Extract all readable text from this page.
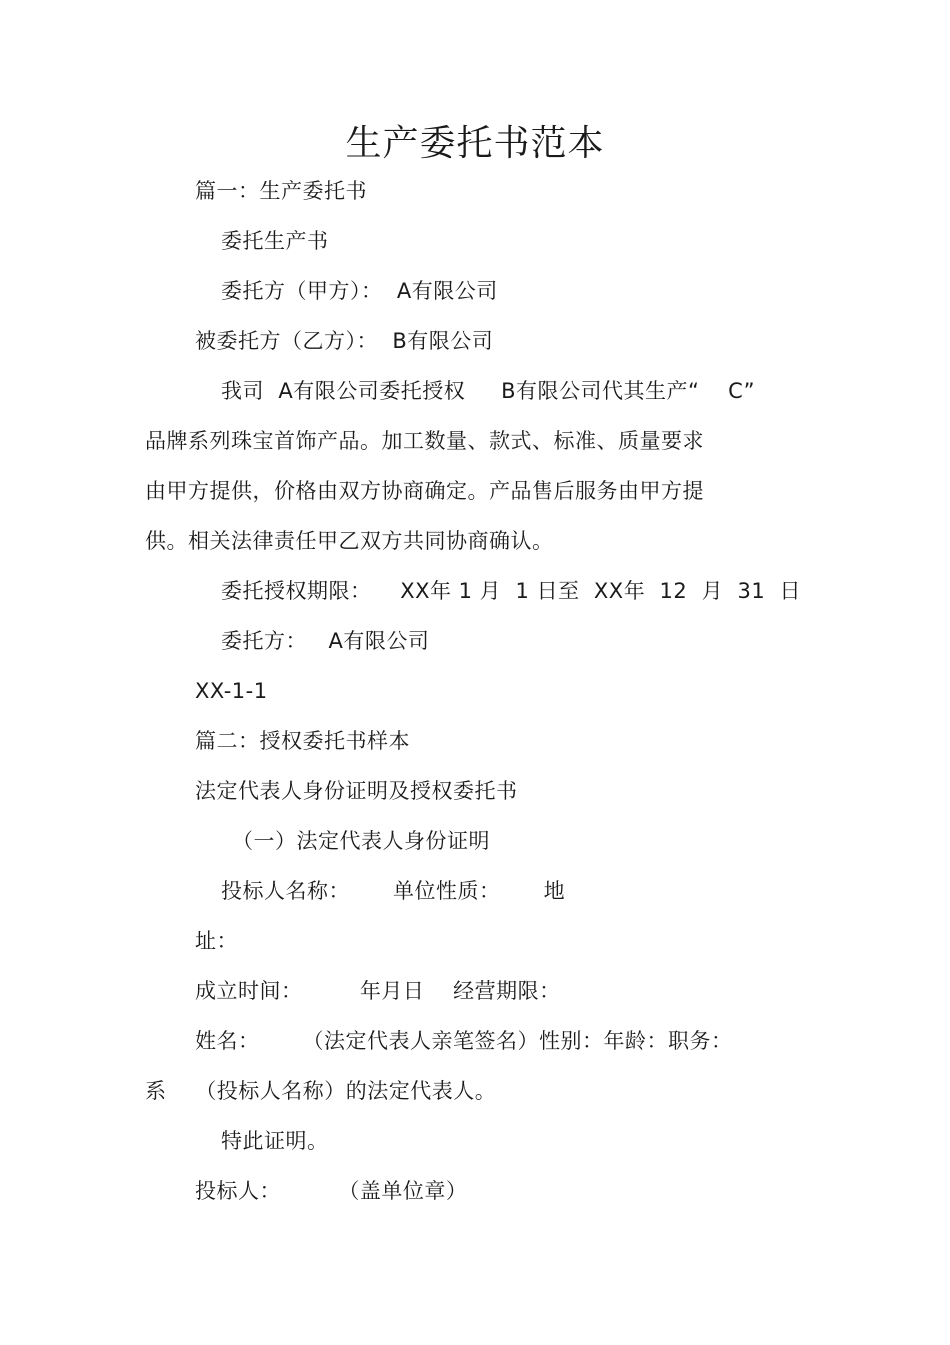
生产委托书范本
篇一：生产委托书
委托生产书
委托方（甲方）：  A有限公司
被委托方（乙方）：  B有限公司
我司  A有限公司委托授权     B有限公司代其生产“    C”
品牌系列珠宝首饰产品。加工数量、款式、标准、质量要求
由甲方提供，价格由双方协商确定。产品售后服务由甲方提
供。相关法律责任甲乙双方共同协商确认。
委托授权期限：    XX年 1 月  1 日至  XX年  12  月  31  日
委托方：   A有限公司
XX-1-1
篇二：授权委托书样本
法定代表人身份证明及授权委托书
（一）法定代表人身份证明
投标人名称：      单位性质：      地
址：
成立时间：        年月日    经营期限：
姓名：      （法定代表人亲笔签名）性别：年龄：职务：
系    （投标人名称）的法定代表人。
特此证明。
投标人：        （盖单位章）
